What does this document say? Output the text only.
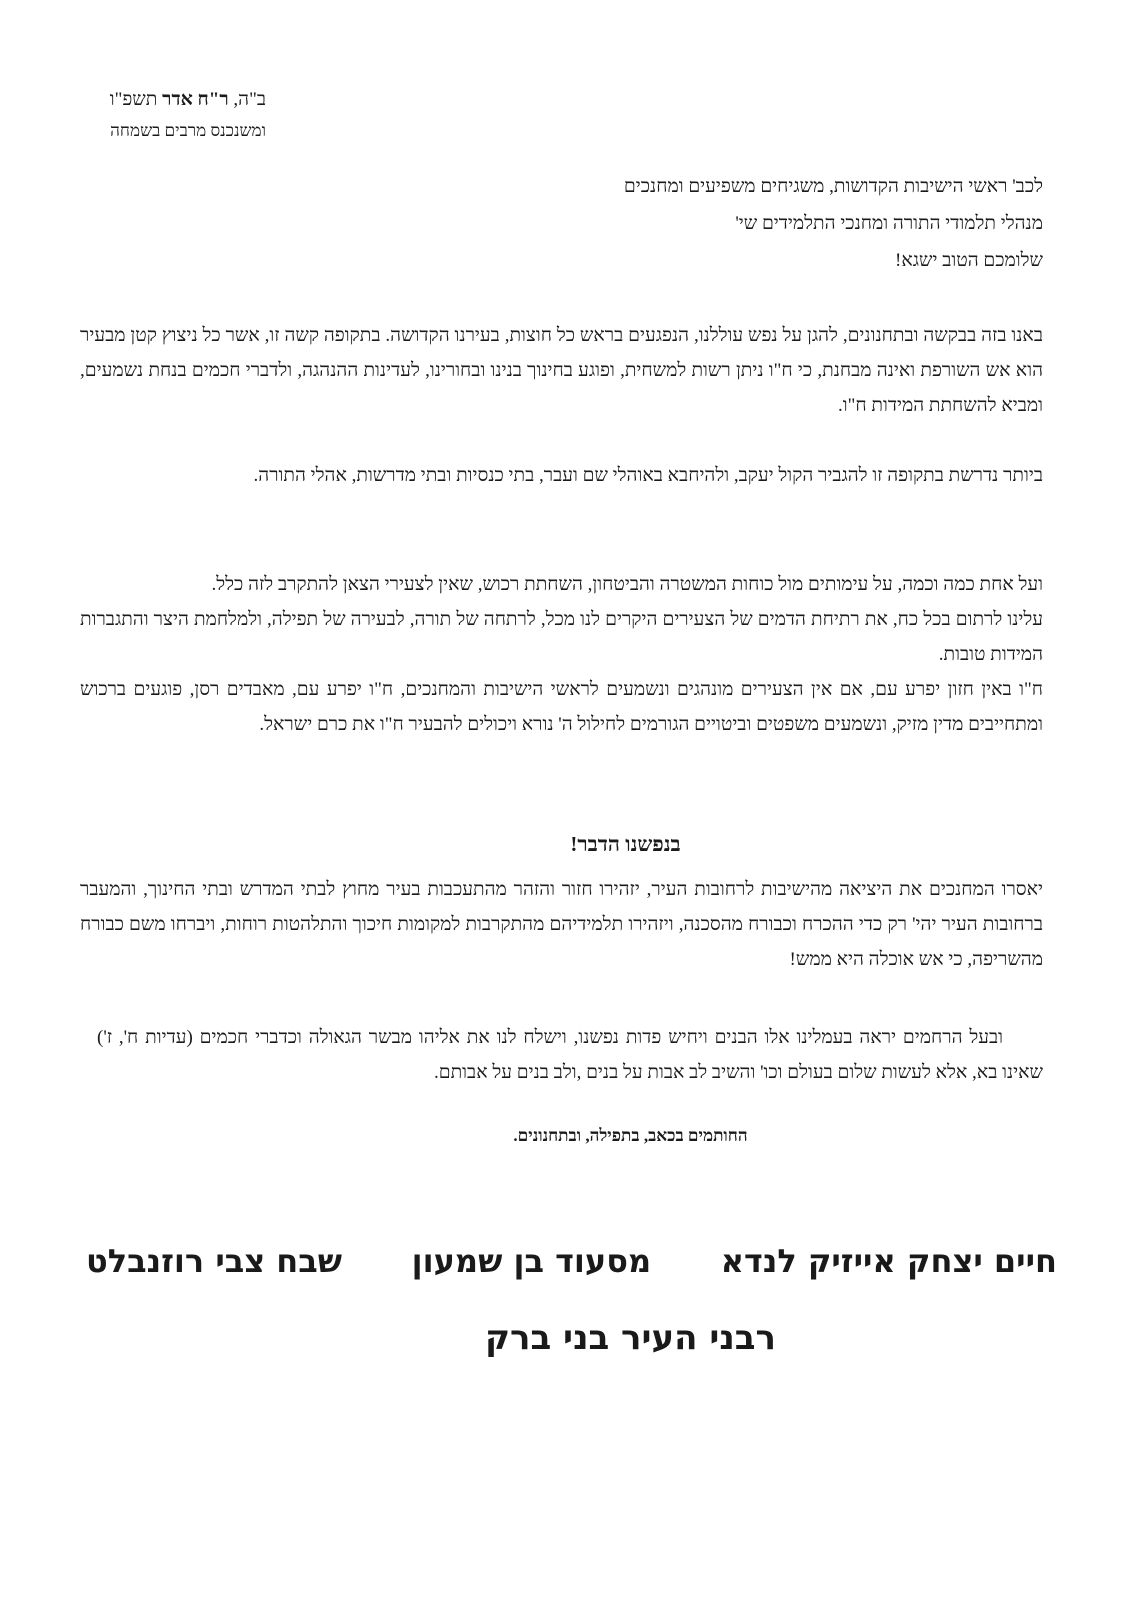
ב"ה, ר"ח אדר תשפ"ו
ומשנכנס מרבים בשמחה
לכב' ראשי הישיבות הקדושות, משגיחים משפיעים ומחנכים
מנהלי תלמודי התורה ומחנכי התלמידים שי'
שלומכם הטוב ישגא!
באנו בזה בבקשה ובתחנונים, להגן על נפש עוללנו, הנפגעים בראש כל חוצות, בעירנו הקדושה. בתקופה קשה זו, אשר כל ניצוץ קטן מבעיר הוא אש השורפת ואינה מבחנת, כי ח"ו ניתן רשות למשחית, ופוגע בחינוך בנינו ובחורינו, לעדינות ההנהגה, ולדברי חכמים בנחת נשמעים, ומביא להשחתת המידות ח"ו.
ביותר נדרשת בתקופה זו להגביר הקול יעקב, ולהיחבא באוהלי שם ועבר, בתי כנסיות ובתי מדרשות, אהלי התורה.
ועל אחת כמה וכמה, על עימותים מול כוחות המשטרה והביטחון, השחתת רכוש, שאין לצעירי הצאן להתקרב לזה כלל.
עלינו לרתום בכל כח, את רתיחת הדמים של הצעירים היקרים לנו מכל, לרתחה של תורה, לבעירה של תפילה, ולמלחמת היצר והתגברות המידות טובות.
ח"ו באין חזון יפרע עם, אם אין הצעירים מונהגים ונשמעים לראשי הישיבות והמחנכים, ח"ו יפרע עם, מאבדים רסן, פוגעים ברכוש ומתחייבים מדין מזיק, ונשמעים משפטים וביטויים הגורמים לחילול ה' נורא ויכולים להבעיר ח"ו את כרם ישראל.
בנפשנו הדבר!
יאסרו המחנכים את היציאה מהישיבות לרחובות העיר, יזהירו חזור והזהר מהתעכבות בעיר מחוץ לבתי המדרש ובתי החינוך, והמעבר ברחובות העיר יהי' רק כדי ההכרח וכבורח מהסכנה, ויזהירו תלמידיהם מהתקרבות למקומות חיכוך והתלהטות רוחות, ויברחו משם כבורח מהשריפה, כי אש אוכלה היא ממש!
ובעל הרחמים יראה בעמלינו אלו הבנים ויחיש פדות נפשנו, וישלח לנו את אליהו מבשר הגאולה וכדברי חכמים (עדיות ח', ז') שאינו בא, אלא לעשות שלום בעולם וכו' והשיב לב אבות על בנים ,ולב בנים על אבותם.
החותמים בכאב, בתפילה, ובתחנונים.
חיים יצחק אייזיק לנדא
מסעוד בן שמעון
שבח צבי רוזנבלט
רבני העיר בני ברק
